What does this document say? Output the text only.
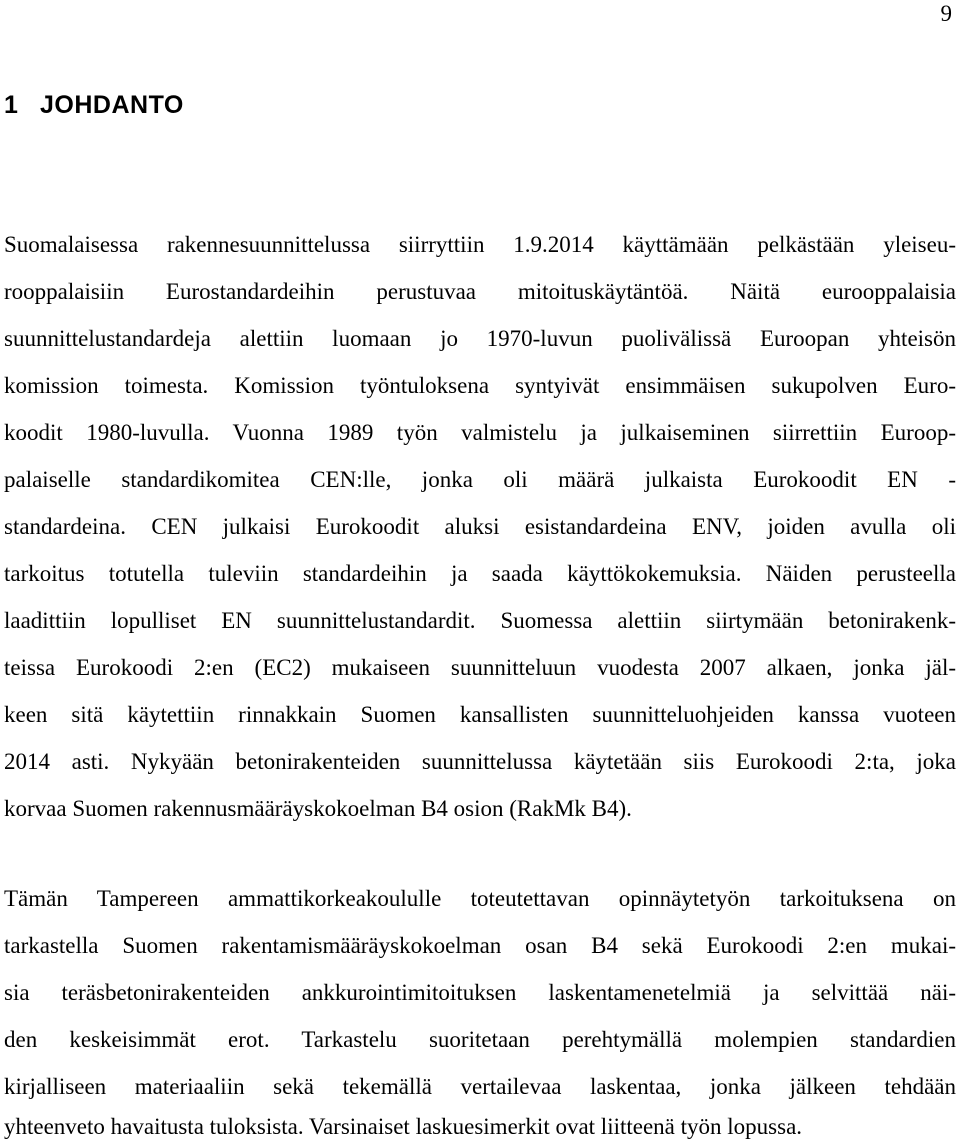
9
1 JOHDANTO
Suomalaisessa rakennesuunnittelussa siirryttiin 1.9.2014 käyttämään pelkästään yleiseu-
rooppalaisiin Eurostandardeihin perustuvaa mitoituskäytäntöä. Näitä eurooppalaisia
suunnittelustandardeja alettiin luomaan jo 1970-luvun puolivälissä Euroopan yhteisön
komission toimesta. Komission työntuloksena syntyivät ensimmäisen sukupolven Euro-
koodit 1980-luvulla. Vuonna 1989 työn valmistelu ja julkaiseminen siirrettiin Euroop-
palaiselle standardikomitea CEN:lle, jonka oli määrä julkaista Eurokoodit EN -
standardeina. CEN julkaisi Eurokoodit aluksi esistandardeina ENV, joiden avulla oli
tarkoitus totutella tuleviin standardeihin ja saada käyttökokemuksia. Näiden perusteella
laadittiin lopulliset EN suunnittelustandardit. Suomessa alettiin siirtymään betonirakenk-
teissa Eurokoodi 2:en (EC2) mukaiseen suunnitteluun vuodesta 2007 alkaen, jonka jäl-
keen sitä käytettiin rinnakkain Suomen kansallisten suunnitteluohjeiden kanssa vuoteen
2014 asti. Nykyään betonirakenteiden suunnittelussa käytetään siis Eurokoodi 2:ta, joka
korvaa Suomen rakennusmääräyskokoelman B4 osion (RakMk B4).
Tämän Tampereen ammattikorkeakoululle toteutettavan opinnäytetyön tarkoituksena on
tarkastella Suomen rakentamismääräyskokoelman osan B4 sekä Eurokoodi 2:en mukai-
sia teräsbetonirakenteiden ankkurointimitoituksen laskentamenetelmiä ja selvittää näi-
den keskeisimmät erot. Tarkastelu suoritetaan perehtymällä molempien standardien
kirjalliseen materiaaliin sekä tekemällä vertailevaa laskentaa, jonka jälkeen tehdään
yhteenveto havaitusta tuloksista. Varsinaiset laskuesimerkit ovat liitteenä työn lopussa.
